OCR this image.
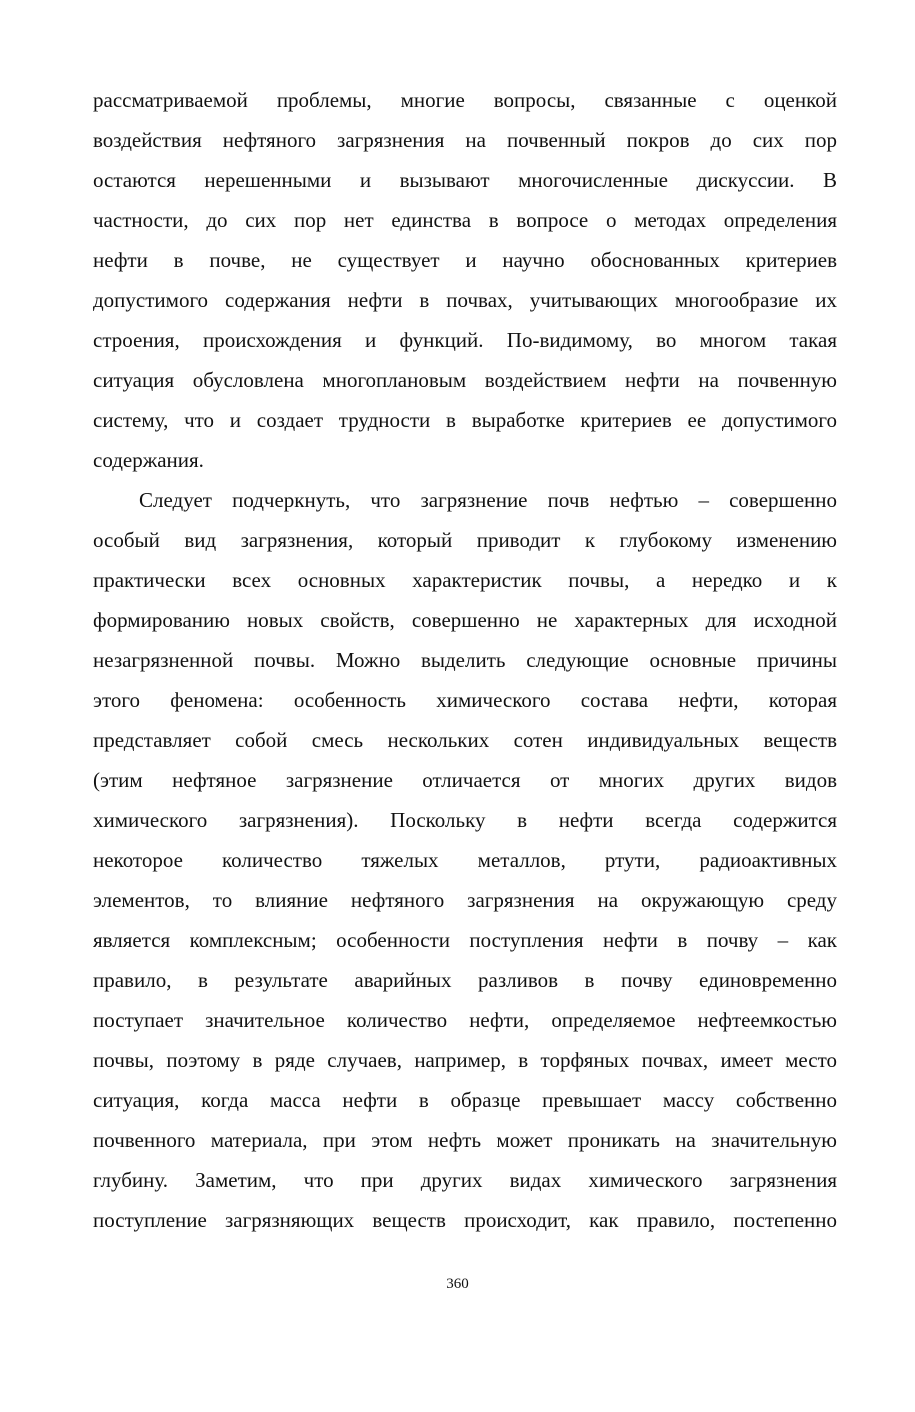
рассматриваемой проблемы, многие вопросы, связанные с оценкой
воздействия нефтяного загрязнения на почвенный покров до сих пор
остаются нерешенными и вызывают многочисленные дискуссии. В
частности, до сих пор нет единства в вопросе о методах определения
нефти в почве, не существует и научно обоснованных критериев
допустимого содержания нефти в почвах, учитывающих многообразие их
строения, происхождения и функций. По-видимому, во многом такая
ситуация обусловлена многоплановым воздействием нефти на почвенную
систему, что и создает трудности в выработке критериев ее допустимого
содержания.
Следует подчеркнуть, что загрязнение почв нефтью – совершенно
особый вид загрязнения, который приводит к глубокому изменению
практически всех основных характеристик почвы, а нередко и к
формированию новых свойств, совершенно не характерных для исходной
незагрязненной почвы. Можно выделить следующие основные причины
этого феномена: особенность химического состава нефти, которая
представляет собой смесь нескольких сотен индивидуальных веществ
(этим нефтяное загрязнение отличается от многих других видов
химического загрязнения). Поскольку в нефти всегда содержится
некоторое количество тяжелых металлов, ртути, радиоактивных
элементов, то влияние нефтяного загрязнения на окружающую среду
является комплексным; особенности поступления нефти в почву – как
правило, в результате аварийных разливов в почву единовременно
поступает значительное количество нефти, определяемое нефтеемкостью
почвы, поэтому в ряде случаев, например, в торфяных почвах, имеет место
ситуация, когда масса нефти в образце превышает массу собственно
почвенного материала, при этом нефть может проникать на значительную
глубину. Заметим, что при других видах химического загрязнения
поступление загрязняющих веществ происходит, как правило, постепенно
360
